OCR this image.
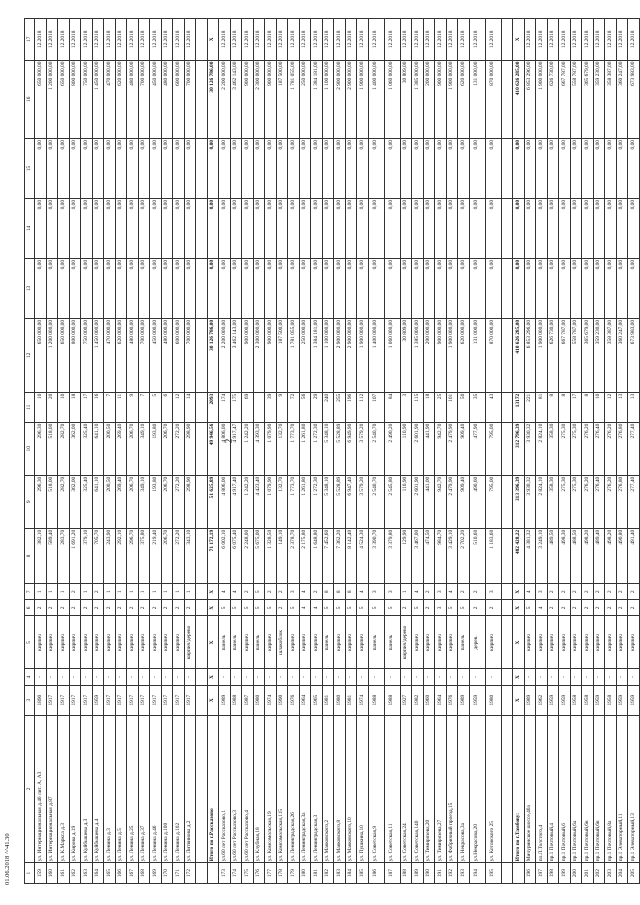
2
1	2	3	4	5	6	7	8	9	10	11	12	13	14	15	16	17
159	ул. Интернациональная д.46 лит. А, А3	1890	-	кирпич	2	1	382,10	296,30	296,30	10	650 000,00	0,00	0,00	0,00	650 000,00	12.2018
160	ул. Интернациональная д.87	1917	-	кирпич	2	1	589,40	518,00	518,00	20	1 200 000,00	0,00	0,00	0,00	1 200 000,00	12.2018
161	ул. К.Маркса д.3	1917	-	кирпич	2	1	283,70	282,70	282,70	10	650 000,00	0,00	0,00	0,00	650 000,00	12.2018
162	ул. Кирова д.19	1917	-	кирпич	2	2	1 691,20	362,00	362,00	18	800 000,00	0,00	0,00	0,00	800 000,00	12.2018
163	ул. Куйбышева д.3	1917	-	кирпич	2	1	379,10	325,40	325,40	17	750 000,00	0,00	0,00	0,00	750 000,00	12.2018
164	ул. Куйбышева д.4	1959	-	кирпич	2	2	705,70	641,10	641,10	16	1 450 000,00	0,00	0,00	0,00	1 450 000,00	12.2018
165	ул. Ленина д.3	1917	-	кирпич	2	1	243,90	200,50	200,50	7	470 000,00	0,00	0,00	0,00	470 000,00	12.2018
166	ул. Ленина д.5	1917	-	кирпич	2	1	292,10	269,40	269,40	11	620 000,00	0,00	0,00	0,00	620 000,00	12.2018
167	ул. Ленина д.25	1917	-	кирпич	2	1	296,70	206,70	206,70	9	480 000,00	0,00	0,00	0,00	480 000,00	12.2018
168	ул. Ленина д.37	1917	-	кирпич	2	1	375,80	349,10	349,10	7	700 000,00	0,00	0,00	0,00	700 000,00	12.2018
169	ул. Ленина д.46	1917	-	кирпич	2	1	219,40	193,80	193,80	5	450 000,00	0,00	0,00	0,00	450 000,00	12.2018
170	ул. Ленина д.100	1917	-	кирпич	2	1	206,70	206,70	206,70	6	480 000,00	0,00	0,00	0,00	480 000,00	12.2018
171	ул. Ленина д.102	1917	-	кирпич	2	1	272,20	272,20	272,20	12	600 000,00	0,00	0,00	0,00	600 000,00	12.2018
172	ул. Литвинова д.2	1917	-	кирпич/дерево	2	1	343,10	298,90	298,90	14	700 000,00	0,00	0,00	0,00	700 000,00	12.2018

	Итого по г.Рассказово	X	X	X	X	X	71 172,19	51 625,89	49 946,56	2093	30 126 786,00	0,00	0,00	0,00	30 126 786,00	X
173	ул.60 лет Рассказово,1	1989	-	панель	5	4	6 002,10	4 806,00	4 806,00	174	2 200 000,00	0,00	0,00	0,00	2 200 000,00	12.2018
174	ул.60 лет Рассказово,3	1988	-	панель	5	4	6 075,40	4 917,40	4 917,47	175	3 462 143,00	0,00	0,00	0,00	3 462 143,00	12.2018
175	ул.60 лет Рассказово,4	1987	-	кирпич	5	2	2 248,00	1 242,20	1 242,20	69	900 000,00	0,00	0,00	0,00	900 000,00	12.2018
176	ул. Клубная,18	1980	-	панель	5	5	5 675,00	4 423,40	4 393,30		2 300 000,00	0,00	0,00	0,00	2 300 000,00	12.2018
177	ул. Комсомольская,19	1974	-	кирпич	5	2	1 328,50	1 079,90	1 079,90	39	900 000,00	0,00	0,00	0,00	900 000,00	12.2018
178	ул. Комсомольская,115	1990	-	шлакоблок	2	2	149,10	132,70	132,70	9	187 500,00	0,00	0,00	0,00	187 500,00	12.2018
179	ул. Ленинградская,26	1976	-	кирпич	5	3	2 378,70	1 773,70	1 773,70	72	1 781 055,00	0,00	0,00	0,00	1 781 055,00	12.2018
180	ул. Ленинградская,3а	1964	-	кирпич	4	4	2 175,80	1 261,80	1 261,80	56	250 000,00	0,00	0,00	0,00	250 000,00	12.2018
181	ул. Ленинградская,3	1965	-	кирпич	4	2	1 648,80	1 272,30	1 272,30	29	1 384 181,00	0,00	0,00	0,00	1 384 181,00	12.2018
182	ул. Маяковского,2	1981	-	панель	5	8	7 452,60	5 348,10	5 348,10	240	1 100 000,00	0,00	0,00	0,00	1 100 000,00	12.2018
183	ул. Маяковского,8	1980	-	кирпич	5	8	7 362,20	5 528,89	5 528,89	255	2 900 000,00	0,00	0,00	0,00	2 900 000,00	12.2018
184	ул. Маяковского,10	1981	-	кирпич	5	8	8 142,40	6 947,40	6 949,90	196	2 900 000,00	0,00	0,00	0,00	2 900 000,00	12.2018
185	ул. Пушкина,10	1974	-	кирпич	5	4	4 524,30	3 579,20	3 579,20	112	1 900 000,00	0,00	0,00	0,00	1 900 000,00	12.2018
186	ул. Советская,9	1988	-	панель	5	3	3 390,70	2 540,70	2 540,70	107	1 400 000,00	0,00	0,00	0,00	1 400 000,00	12.2018
187	ул. Советская,11	1988	-	панель	5	3	3 379,80	2 545,80	2 490,20	84	1 060 000,00	0,00	0,00	0,00	1 060 000,00	12.2018
188	ул. Советская,24	1927	-	кирпич/дерево	2	1	129,90	110,90	110,90	3	30 809,00	0,00	0,00	0,00	30 809,00	12.2018
189	ул. Советская,140	1982	-	кирпич	5	4	3 467,00	2 601,90	2 601,90	115	1 385 000,00	0,00	0,00	0,00	1 385 000,00	12.2018
190	ул. Тимирязева,20	1960	-	кирпич	2	2	474,50	441,00	441,90	18	200 000,00	0,00	0,00	0,00	200 000,00	12.2018
191	ул. Тимирязева,27	1964	-	кирпич	3	3	984,70	942,70	942,70	25	900 000,00	0,00	0,00	0,00	900 000,00	12.2018
192	ул. Фабричный проезд,15	1976	-	кирпич	5	4	3 429,10	2 479,90	2 479,90	101	1 900 000,00	0,00	0,00	0,00	1 900 000,00	12.2018
193	ул. Некрасова,3а	1989	-	панель	5	2	2 702,20	909,40	909,40	50	620 000,00	0,00	0,00	0,00	620 000,00	12.2018
194	ул.Некрасова,20	1959	-	дерев.	2	2	510,60	490,60	477,90	35	131 000,00	0,00	0,00	0,00	131 000,00	12.2018
195	ул. Котовского 25	1980	-	кирпич	2	3	1 183,60	795,00	795,00	43	870 000,00	0,00	0,00	0,00	870 000,00	12.2018

	Итого по г.Тамбову:	X	X	X	X	X	482 428,22	313 396,39	312 796,39	13172	410 626 285,00	0,00	0,00	0,00	410 626 285,00	X
196	Мичуринское шоссе,40а	1989	-	кирпич	5	4	4 381,32	3 930,32	3 930,32	221	6 853 296,00	0,00	0,00	0,00	6 853 296,00	12.2018
197	пл.Л.Толстого,4	1962	-	кирпич	4	3	3 249,10	2 824,10	2 824,10	81	1 900 000,00	0,00	0,00	0,00	1 900 000,00	12.2018
198	пр.1 Почтовый,4	1959	-	кирпич	2	2	489,50	358,30	358,30	8	626 730,00	0,00	0,00	0,00	626 730,00	12.2018
199	пр.1 Почтовый,6	1959	-	кирпич	2	2	498,30	275,30	275,30	8	667 787,00	0,00	0,00	0,00	667 787,00	12.2018
200	пр.1 Почтовый,6а	1958	-	кирпич	2	2	488,50	275,30	275,30	17	558 787,00	0,00	0,00	0,00	558 787,00	12.2018
201	пр.1 Почтовый,6в	1958	-	кирпич	2	2	498,20	276,20	276,20	8	365 679,00	0,00	0,00	0,00	365 679,00	12.2018
202	пр.1 Почтовый,6в	1959	-	кирпич	2	2	489,40	276,40	276,40	10	359 230,00	0,00	0,00	0,00	359 230,00	12.2018
203	пр.1 Почтовый,8а	1958	-	кирпич	2	2	498,20	276,20	276,20	12	358 387,00	0,00	0,00	0,00	358 387,00	12.2018
204	пр.1 Элеваторный,11	1959	-	кирпич	2	2	490,80	276,80	276,80	13	360 247,00	0,00	0,00	0,00	360 247,00	12.2018
205	пр.1 Элеваторный,13	1959	-	кирпич	2	2	491,40	277,40	277,40	13	673 983,00	0,00	0,00	0,00	673 983,00	12.2018
01.06.2018 ^^41.30
